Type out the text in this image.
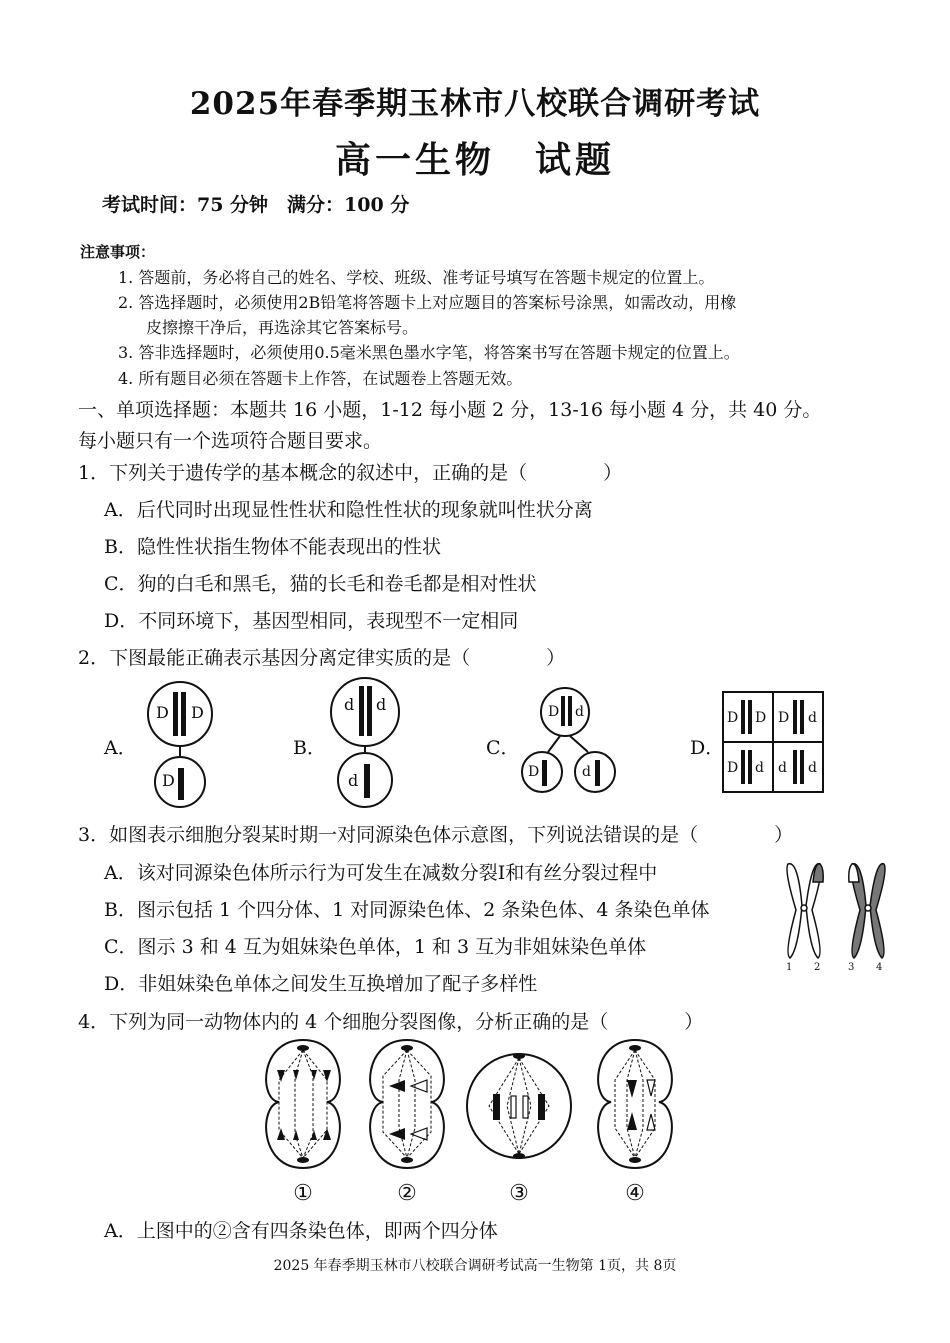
2025年春季期玉林市八校联合调研考试
高一生物　试题
考试时间：75 分钟　满分：100 分
注意事项：
1. 答题前，务必将自己的姓名、学校、班级、准考证号填写在答题卡规定的位置上。
2. 答选择题时，必须使用2B铅笔将答题卡上对应题目的答案标号涂黑，如需改动，用橡
皮擦擦干净后，再选涂其它答案标号。
3. 答非选择题时，必须使用0.5毫米黑色墨水字笔，将答案书写在答题卡规定的位置上。
4. 所有题目必须在答题卡上作答，在试题卷上答题无效。
一、单项选择题：本题共 16 小题，1-12 每小题 2 分，13-16 每小题 4 分，共 40 分。
每小题只有一个选项符合题目要求。
1．下列关于遗传学的基本概念的叙述中，正确的是（　　　　）
A．后代同时出现显性性状和隐性性状的现象就叫性状分离
B．隐性性状指生物体不能表现出的性状
C．狗的白毛和黑毛，猫的长毛和卷毛都是相对性状
D．不同环境下，基因型相同，表现型不一定相同
2．下图最能正确表示基因分离定律实质的是（　　　　）
A．	B．	C．	D．
D D
D
d d
d
D d
D	d
D D D d
D d d d
3．如图表示细胞分裂某时期一对同源染色体示意图，下列说法错误的是（　　　　）
A．该对同源染色体所示行为可发生在减数分裂Ⅰ和有丝分裂过程中
B．图示包括 1 个四分体、1 对同源染色体、2 条染色体、4 条染色单体
C．图示 3 和 4 互为姐妹染色单体，1 和 3 互为非姐妹染色单体
D．非姐妹染色单体之间发生互换增加了配子多样性
1 2	3 4
4．下列为同一动物体内的 4 个细胞分裂图像，分析正确的是（　　　　）
①	②	③	④
A．上图中的②含有四条染色体，即两个四分体
2025 年春季期玉林市八校联合调研考试高一生物第 1页，共 8页
